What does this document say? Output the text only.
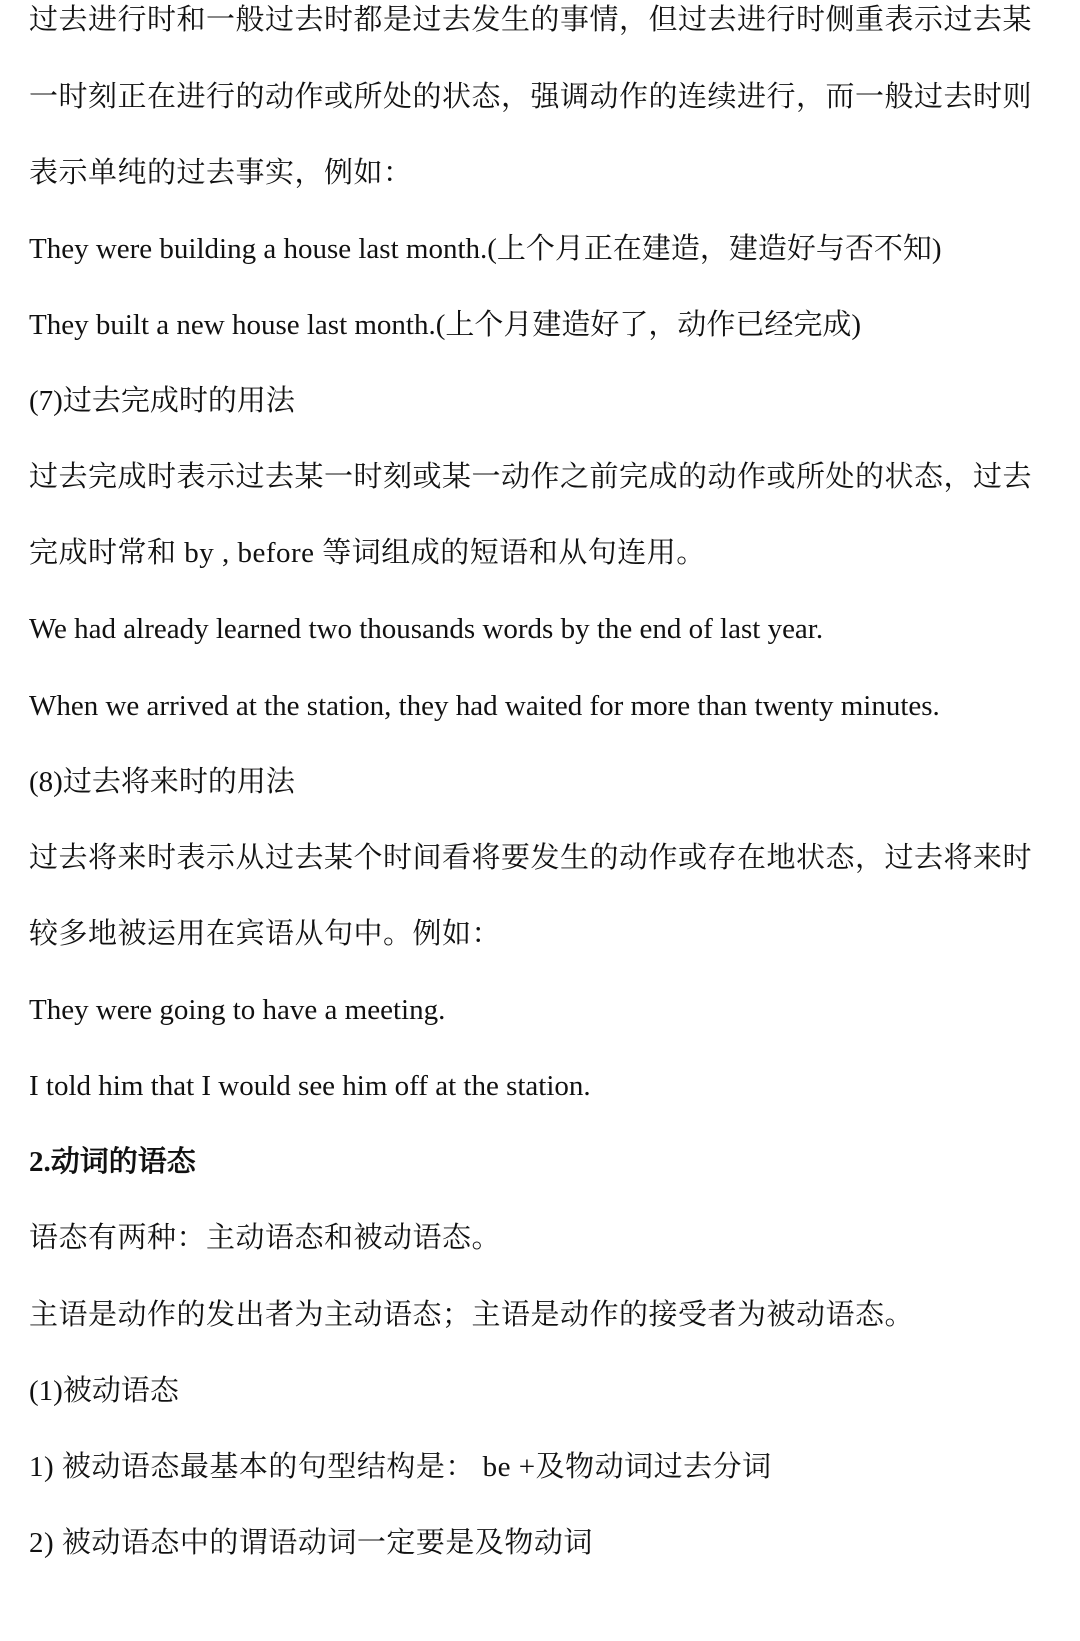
过去进行时和一般过去时都是过去发生的事情，但过去进行时侧重表示过去某
一时刻正在进行的动作或所处的状态，强调动作的连续进行，而一般过去时则
表示单纯的过去事实，例如：
They were building a house last month.(上个月正在建造，建造好与否不知)
They built a new house last month.(上个月建造好了，动作已经完成)
(7)过去完成时的用法
过去完成时表示过去某一时刻或某一动作之前完成的动作或所处的状态，过去
完成时常和 by , before 等词组成的短语和从句连用。
We had already learned two thousands words by the end of last year.
When we arrived at the station, they had waited for more than twenty minutes.
(8)过去将来时的用法
过去将来时表示从过去某个时间看将要发生的动作或存在地状态，过去将来时
较多地被运用在宾语从句中。例如：
They were going to have a meeting.
I told him that I would see him off at the station.
2.动词的语态
语态有两种：主动语态和被动语态。
主语是动作的发出者为主动语态；主语是动作的接受者为被动语态。
(1)被动语态
1) 被动语态最基本的句型结构是： be +及物动词过去分词
2) 被动语态中的谓语动词一定要是及物动词
